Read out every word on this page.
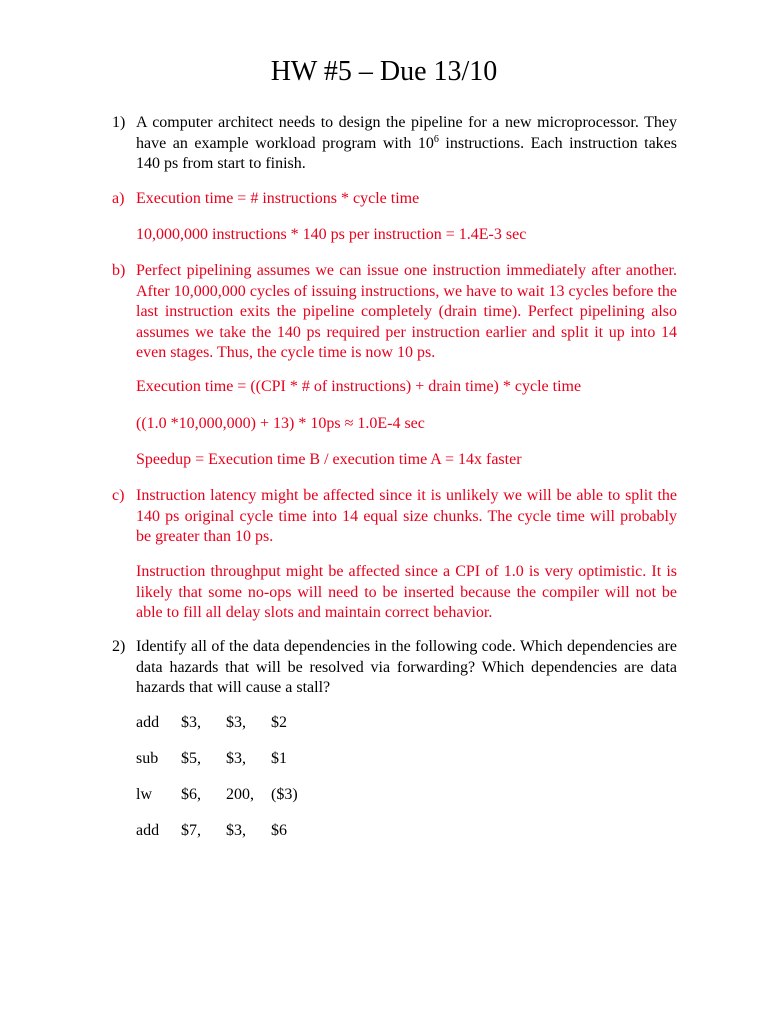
HW #5 – Due 13/10
1) A computer architect needs to design the pipeline for a new microprocessor. They have an example workload program with $10^6$ instructions. Each instruction takes 140 ps from start to finish.
a) Execution time = # instructions * cycle time
10,000,000 instructions * 140 ps per instruction = 1.4E-3 sec
b) Perfect pipelining assumes we can issue one instruction immediately after another. After 10,000,000 cycles of issuing instructions, we have to wait 13 cycles before the last instruction exits the pipeline completely (drain time). Perfect pipelining also assumes we take the 140 ps required per instruction earlier and split it up into 14 even stages. Thus, the cycle time is now 10 ps.
Execution time = ((CPI * # of instructions) + drain time) * cycle time
((1.0 *10,000,000) + 13) * 10ps ≈ 1.0E-4 sec
Speedup = Execution time B / execution time A = 14x faster
c) Instruction latency might be affected since it is unlikely we will be able to split the 140 ps original cycle time into 14 equal size chunks. The cycle time will probably be greater than 10 ps.
Instruction throughput might be affected since a CPI of 1.0 is very optimistic. It is likely that some no-ops will need to be inserted because the compiler will not be able to fill all delay slots and maintain correct behavior.
2) Identify all of the data dependencies in the following code. Which dependencies are data hazards that will be resolved via forwarding? Which dependencies are data hazards that will cause a stall?
add $3, $3, $2
sub $5, $3, $1
lw $6, 200, ($3)
add $7, $3, $6
